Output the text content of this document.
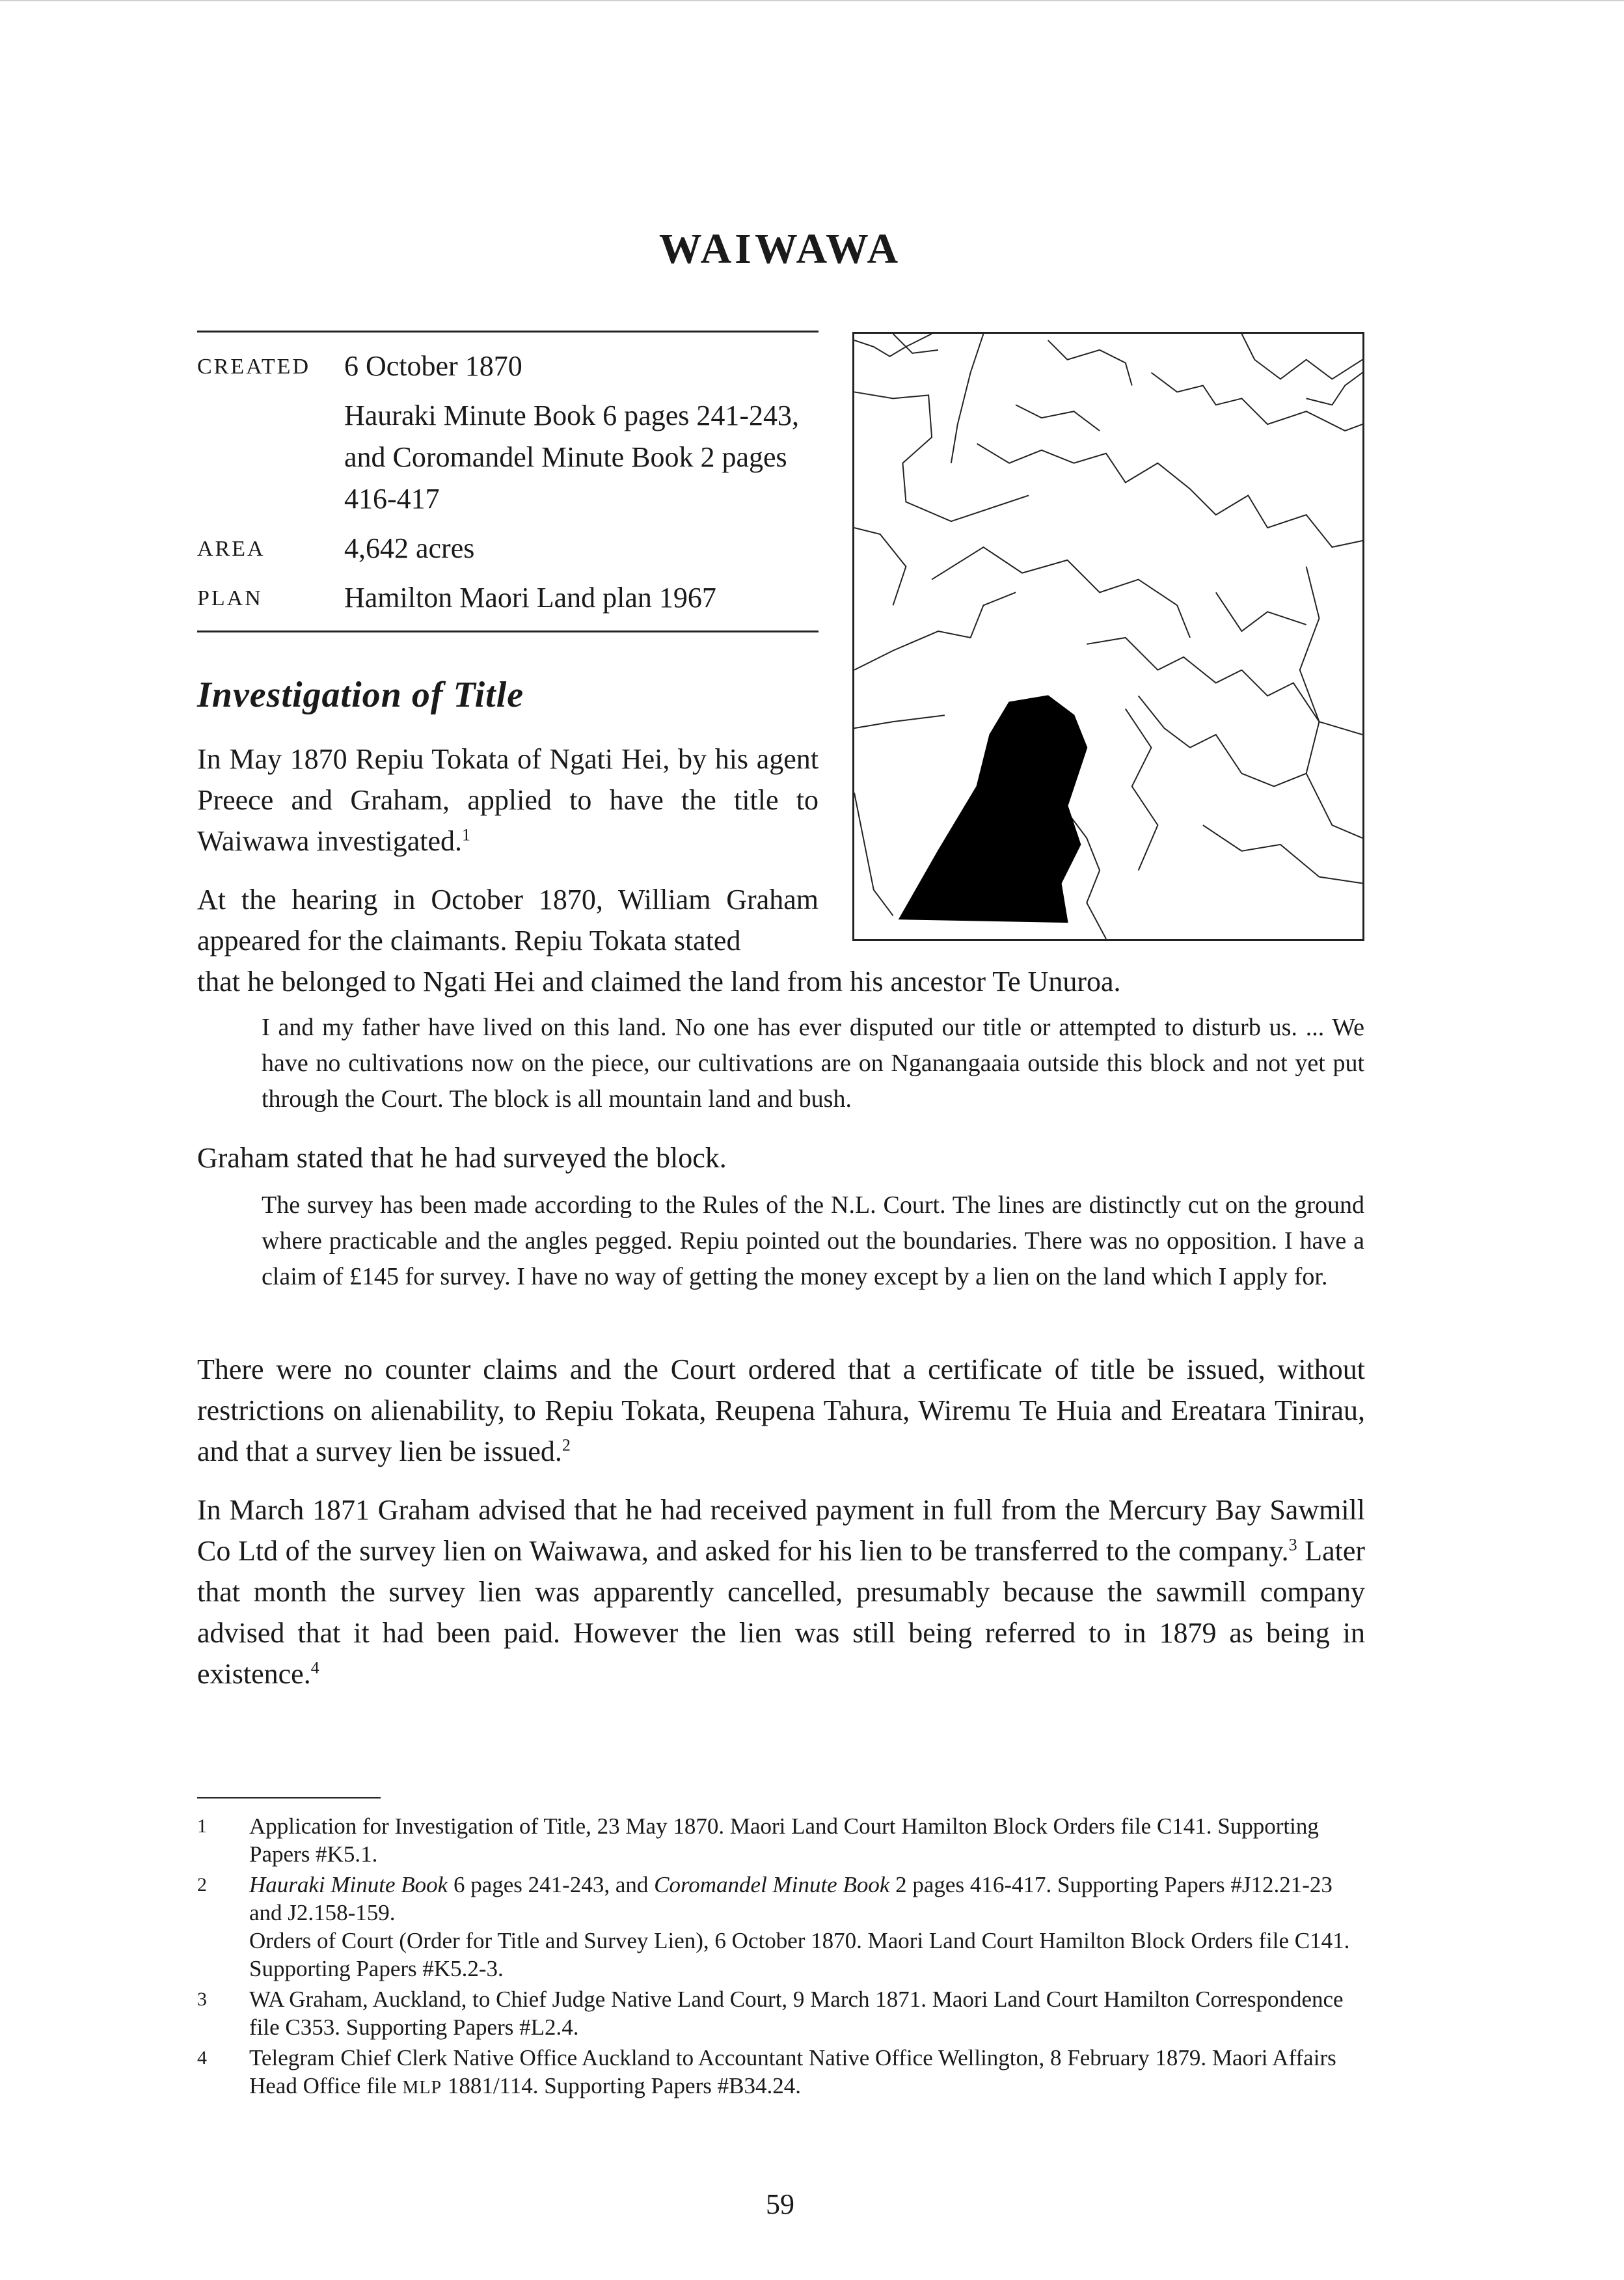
WAIWAWA
CREATED	6 October 1870
Hauraki Minute Book 6 pages 241-243, and Coromandel Minute Book 2 pages 416-417
AREA	4,642 acres
PLAN	Hamilton Maori Land plan 1967
Investigation of Title

In May 1870 Repiu Tokata of Ngati Hei, by his agent Preece and Graham, applied to have the title to Waiwawa investigated.$^1$

At the hearing in October 1870, William Graham appeared for the claimants. Repiu Tokata stated

that he belonged to Ngati Hei and claimed the land from his ancestor Te Unuroa.

I and my father have lived on this land. No one has ever disputed our title or attempted to disturb us. ... We have no cultivations now on the piece, our cultivations are on Nganangaaia outside this block and not yet put through the Court. The block is all mountain land and bush.

Graham stated that he had surveyed the block.

The survey has been made according to the Rules of the N.L. Court. The lines are distinctly cut on the ground where practicable and the angles pegged. Repiu pointed out the boundaries. There was no opposition. I have a claim of £145 for survey. I have no way of getting the money except by a lien on the land which I apply for.

There were no counter claims and the Court ordered that a certificate of title be issued, without restrictions on alienability, to Repiu Tokata, Reupena Tahura, Wiremu Te Huia and Ereatara Tinirau, and that a survey lien be issued.$^2$

In March 1871 Graham advised that he had received payment in full from the Mercury Bay Sawmill Co Ltd of the survey lien on Waiwawa, and asked for his lien to be transferred to the company.$^3$ Later that month the survey lien was apparently cancelled, presumably because the sawmill company advised that it had been paid. However the lien was still being referred to in 1879 as being in existence.$^4$

1	Application for Investigation of Title, 23 May 1870. Maori Land Court Hamilton Block Orders file C141. Supporting Papers #K5.1.
2	Hauraki Minute Book 6 pages 241-243, and Coromandel Minute Book 2 pages 416-417. Supporting Papers #J12.21-23 and J2.158-159.
Orders of Court (Order for Title and Survey Lien), 6 October 1870. Maori Land Court Hamilton Block Orders file C141. Supporting Papers #K5.2-3.
3	WA Graham, Auckland, to Chief Judge Native Land Court, 9 March 1871. Maori Land Court Hamilton Correspondence file C353. Supporting Papers #L2.4.
4	Telegram Chief Clerk Native Office Auckland to Accountant Native Office Wellington, 8 February 1879. Maori Affairs Head Office file MLP 1881/114. Supporting Papers #B34.24.
59
